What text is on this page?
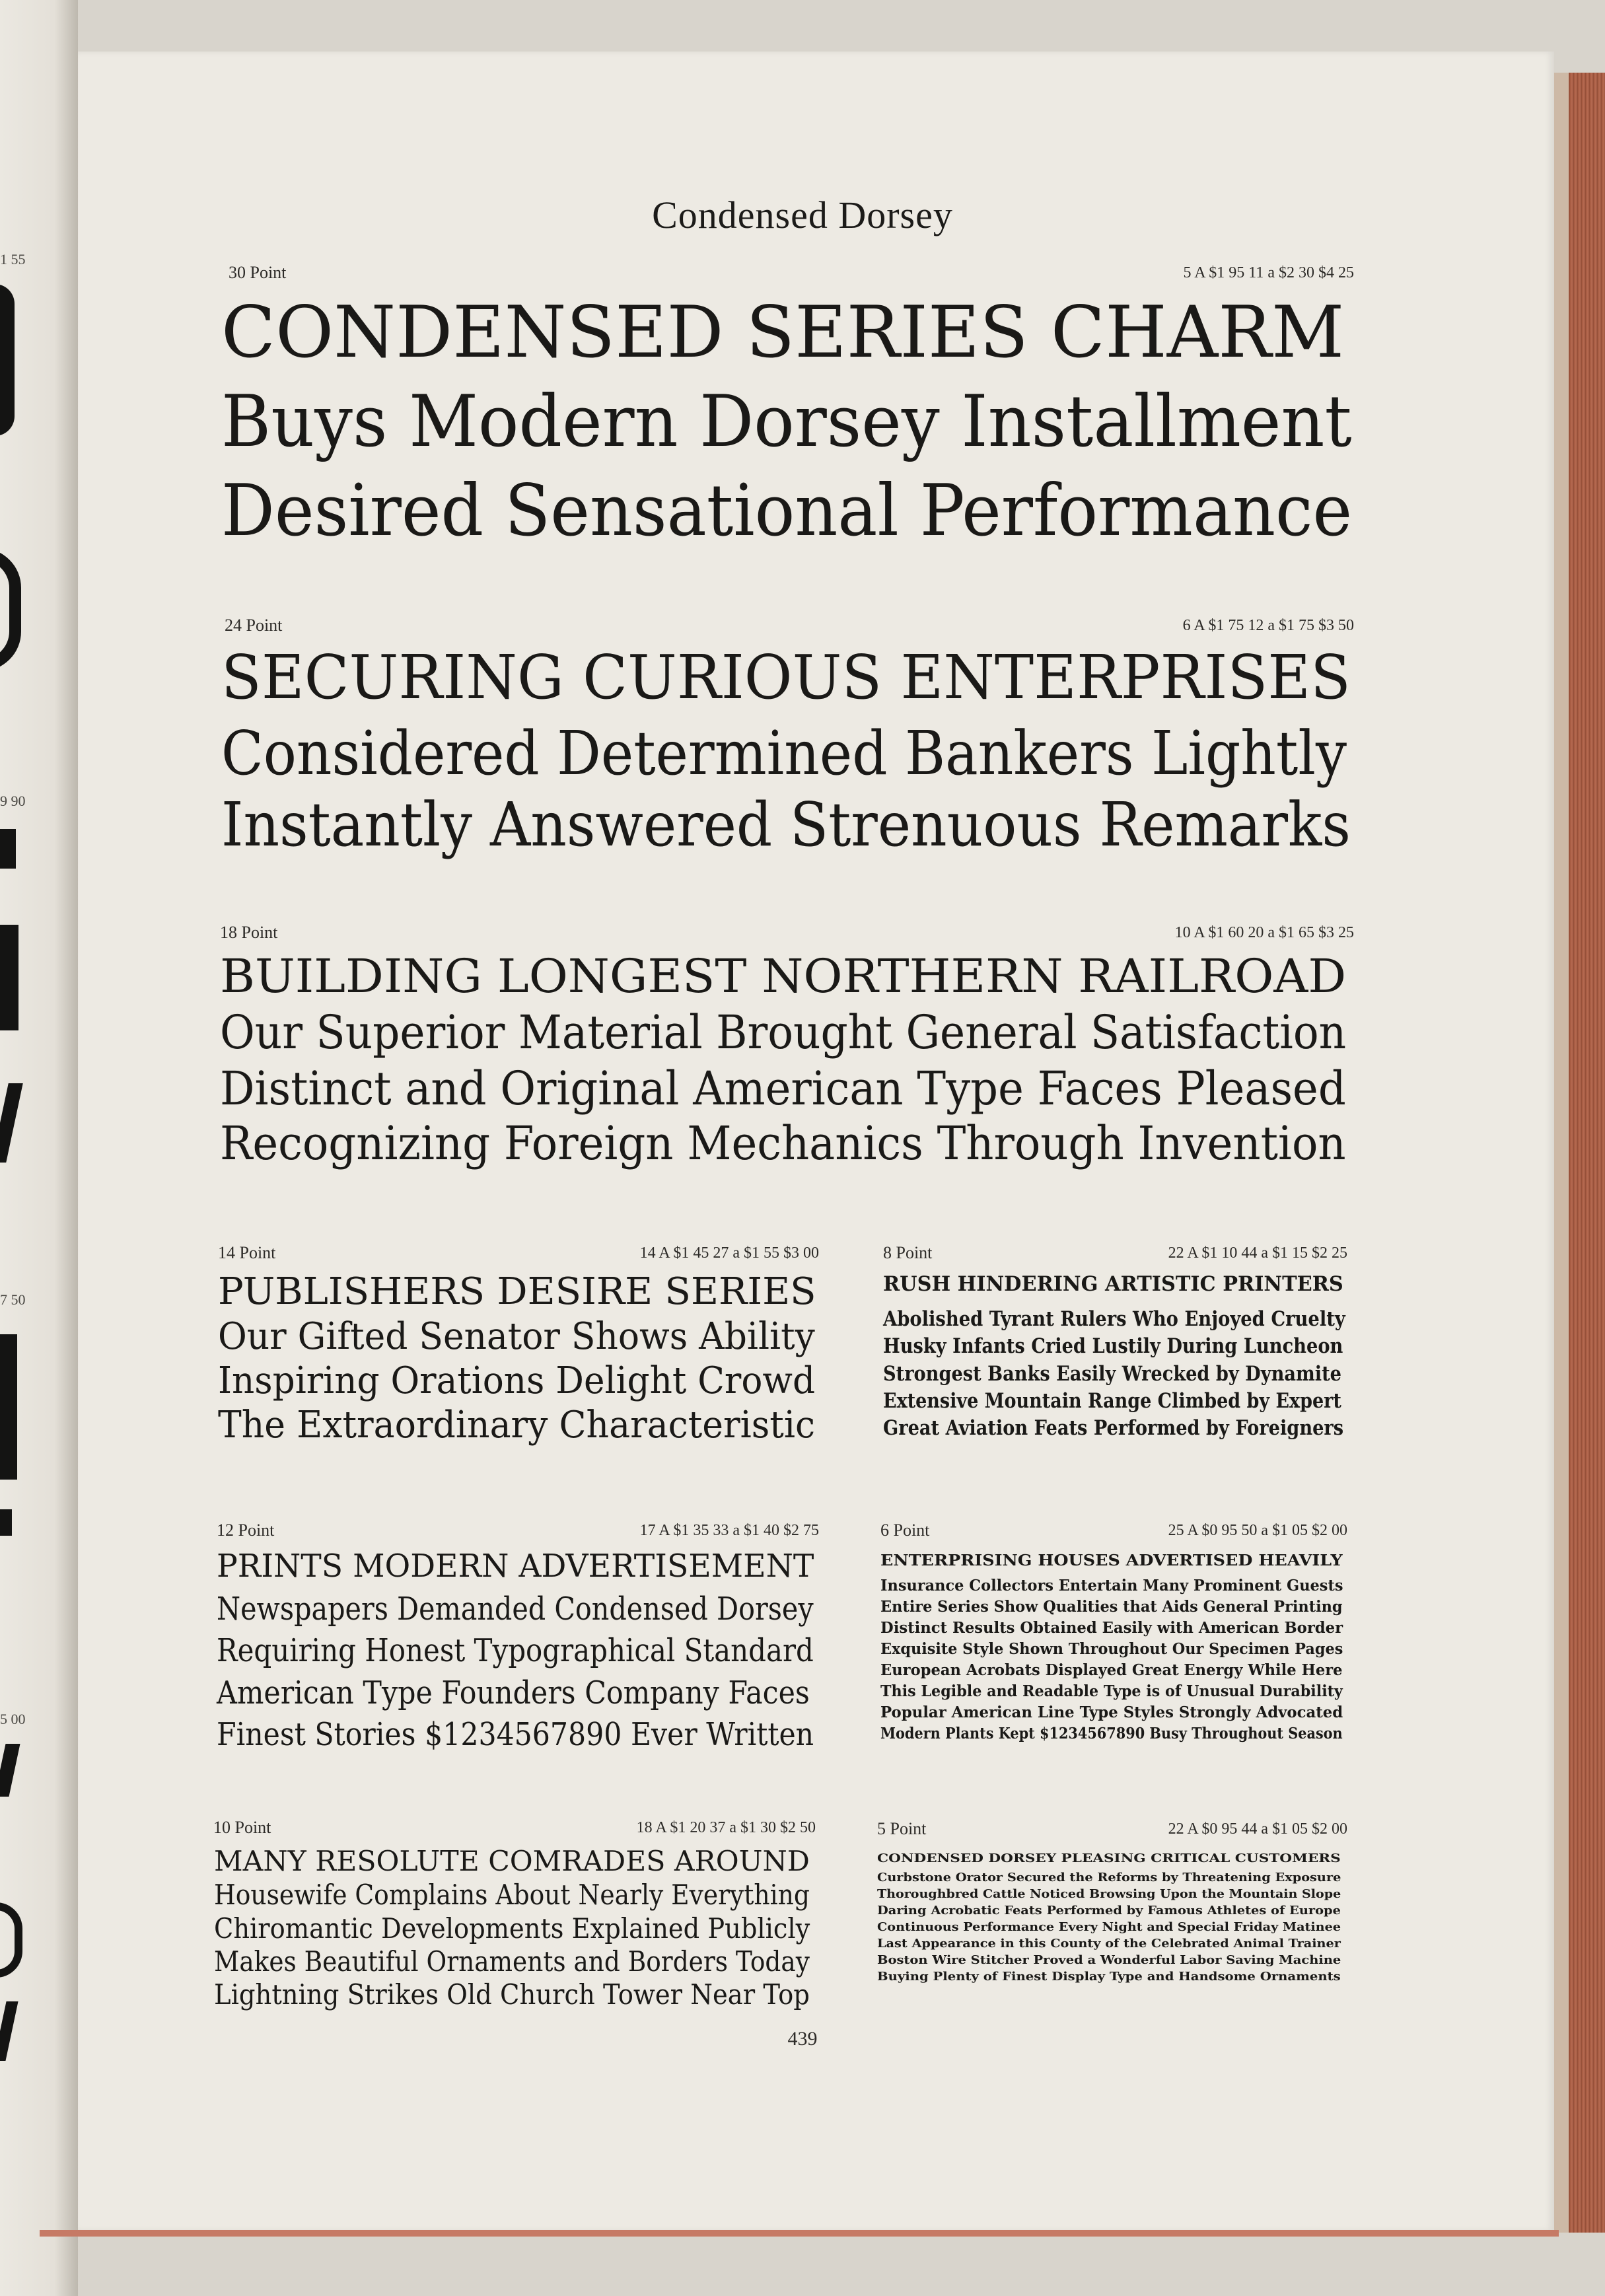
1 55
9 90
7 50
5 00
Condensed Dorsey
30 Point	5 A $1 95 11 a $2 30 $4 25
CONDENSED SERIES CHARM
Buys Modern Dorsey Installment
Desired Sensational Performance
24 Point	6 A $1 75 12 a $1 75 $3 50
SECURING CURIOUS ENTERPRISES
Considered Determined Bankers Lightly
Instantly Answered Strenuous Remarks
18 Point	10 A $1 60 20 a $1 65 $3 25
BUILDING LONGEST NORTHERN RAILROAD
Our Superior Material Brought General Satisfaction
Distinct and Original American Type Faces Pleased
Recognizing Foreign Mechanics Through Invention
14 Point	14 A $1 45 27 a $1 55 $3 00
PUBLISHERS DESIRE SERIES
Our Gifted Senator Shows Ability
Inspiring Orations Delight Crowd
The Extraordinary Characteristic
8 Point	22 A $1 10 44 a $1 15 $2 25
RUSH HINDERING ARTISTIC PRINTERS
Abolished Tyrant Rulers Who Enjoyed Cruelty
Husky Infants Cried Lustily During Luncheon
Strongest Banks Easily Wrecked by Dynamite
Extensive Mountain Range Climbed by Expert
Great Aviation Feats Performed by Foreigners
12 Point	17 A $1 35 33 a $1 40 $2 75
PRINTS MODERN ADVERTISEMENT
Newspapers Demanded Condensed Dorsey
Requiring Honest Typographical Standard
American Type Founders Company Faces
Finest Stories $1234567890 Ever Written
6 Point	25 A $0 95 50 a $1 05 $2 00
ENTERPRISING HOUSES ADVERTISED HEAVILY
Insurance Collectors Entertain Many Prominent Guests
Entire Series Show Qualities that Aids General Printing
Distinct Results Obtained Easily with American Border
Exquisite Style Shown Throughout Our Specimen Pages
European Acrobats Displayed Great Energy While Here
This Legible and Readable Type is of Unusual Durability
Popular American Line Type Styles Strongly Advocated
Modern Plants Kept $1234567890 Busy Throughout Season
10 Point	18 A $1 20 37 a $1 30 $2 50
MANY RESOLUTE COMRADES AROUND
Housewife Complains About Nearly Everything
Chiromantic Developments Explained Publicly
Makes Beautiful Ornaments and Borders Today
Lightning Strikes Old Church Tower Near Top
5 Point	22 A $0 95 44 a $1 05 $2 00
CONDENSED DORSEY PLEASING CRITICAL CUSTOMERS
Curbstone Orator Secured the Reforms by Threatening Exposure
Thoroughbred Cattle Noticed Browsing Upon the Mountain Slope
Daring Acrobatic Feats Performed by Famous Athletes of Europe
Continuous Performance Every Night and Special Friday Matinee
Last Appearance in this County of the Celebrated Animal Trainer
Boston Wire Stitcher Proved a Wonderful Labor Saving Machine
Buying Plenty of Finest Display Type and Handsome Ornaments
439
